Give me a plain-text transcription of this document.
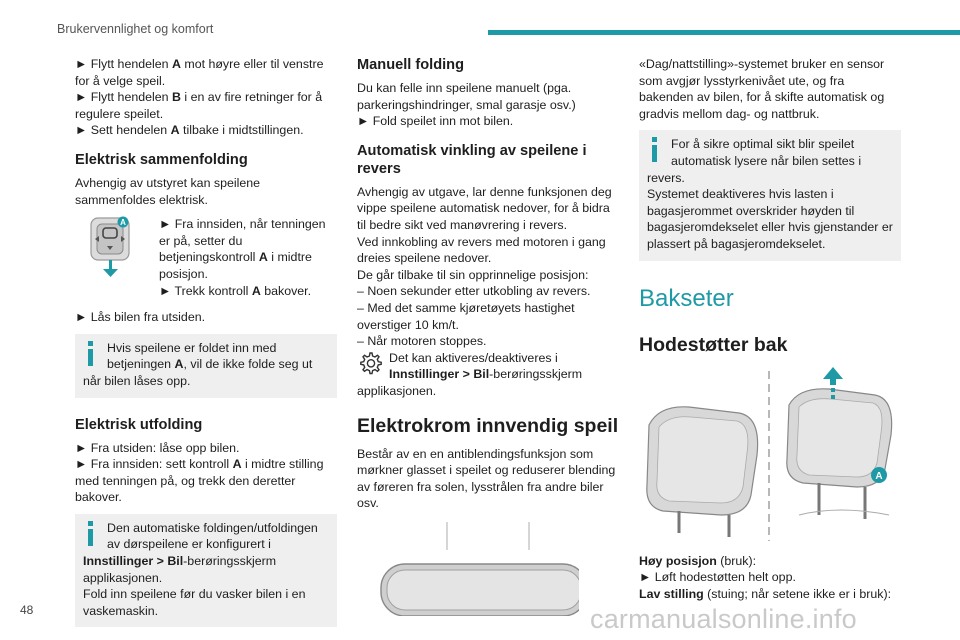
Brukervennlighet og komfort

► Flytt hendelen A mot høyre eller til venstre for å velge speil.

► Flytt hendelen B i en av fire retninger for å regulere speilet.

► Sett hendelen A tilbake i midtstillingen.

Elektrisk sammenfolding

Avhengig av utstyret kan speilene sammenfoldes elektrisk.

A	► Fra innsiden, når tenningen er på, setter du betjeningskontroll A i midtre posisjon.

► Trekk kontroll A bakover.

► Lås bilen fra utsiden.

Hvis speilene er foldet inn med betjeningen A, vil de ikke folde seg ut når bilen låses opp.
Elektrisk utfolding

► Fra utsiden: låse opp bilen.

► Fra innsiden: sett kontroll A i midtre stilling med tenningen på, og trekk den deretter bakover.

Den automatiske foldingen/utfoldingen av dørspeilene er konfigurert i Innstillinger > Bil-berøringsskjerm applikasjonen.
Fold inn speilene før du vasker bilen i en vaskemaskin.
Manuell folding

Du kan felle inn speilene manuelt (pga. parkeringshindringer, smal garasje osv.)

► Fold speilet inn mot bilen.

Automatisk vinkling av speilene i revers

Avhengig av utgave, lar denne funksjonen deg vippe speilene automatisk nedover, for å bidra til bedre sikt ved manøvrering i revers.

Ved innkobling av revers med motoren i gang dreies speilene nedover.

De går tilbake til sin opprinnelige posisjon:

– Noen sekunder etter utkobling av revers.

– Med det samme kjøretøyets hastighet overstiger 10 km/t.

– Når motoren stoppes.

Det kan aktiveres/deaktiveres i Innstillinger > Bil-berøringsskjerm applikasjonen.

Elektrokrom innvendig speil

Består av en en antiblendingsfunksjon som mørkner glasset i speilet og reduserer blending av føreren fra solen, lysstrålen fra andre biler osv.

«Dag/nattstilling»-systemet bruker en sensor som avgjør lysstyrkenivået ute, og fra bakenden av bilen, for å skifte automatisk og gradvis mellom dag- og nattbruk.

For å sikre optimal sikt blir speilet automatisk lysere når bilen settes i revers.
Systemet deaktiveres hvis lasten i bagasjerommet overskrider høyden til bagasjeromdekselet eller hvis gjenstander er plassert på bagasjeromdekselet.
Bakseter
Hodestøtter bak
A

Høy posisjon (bruk):

► Løft hodestøtten helt opp.

Lav stilling (stuing; når setene ikke er i bruk):

48	carmanualsonline.info
